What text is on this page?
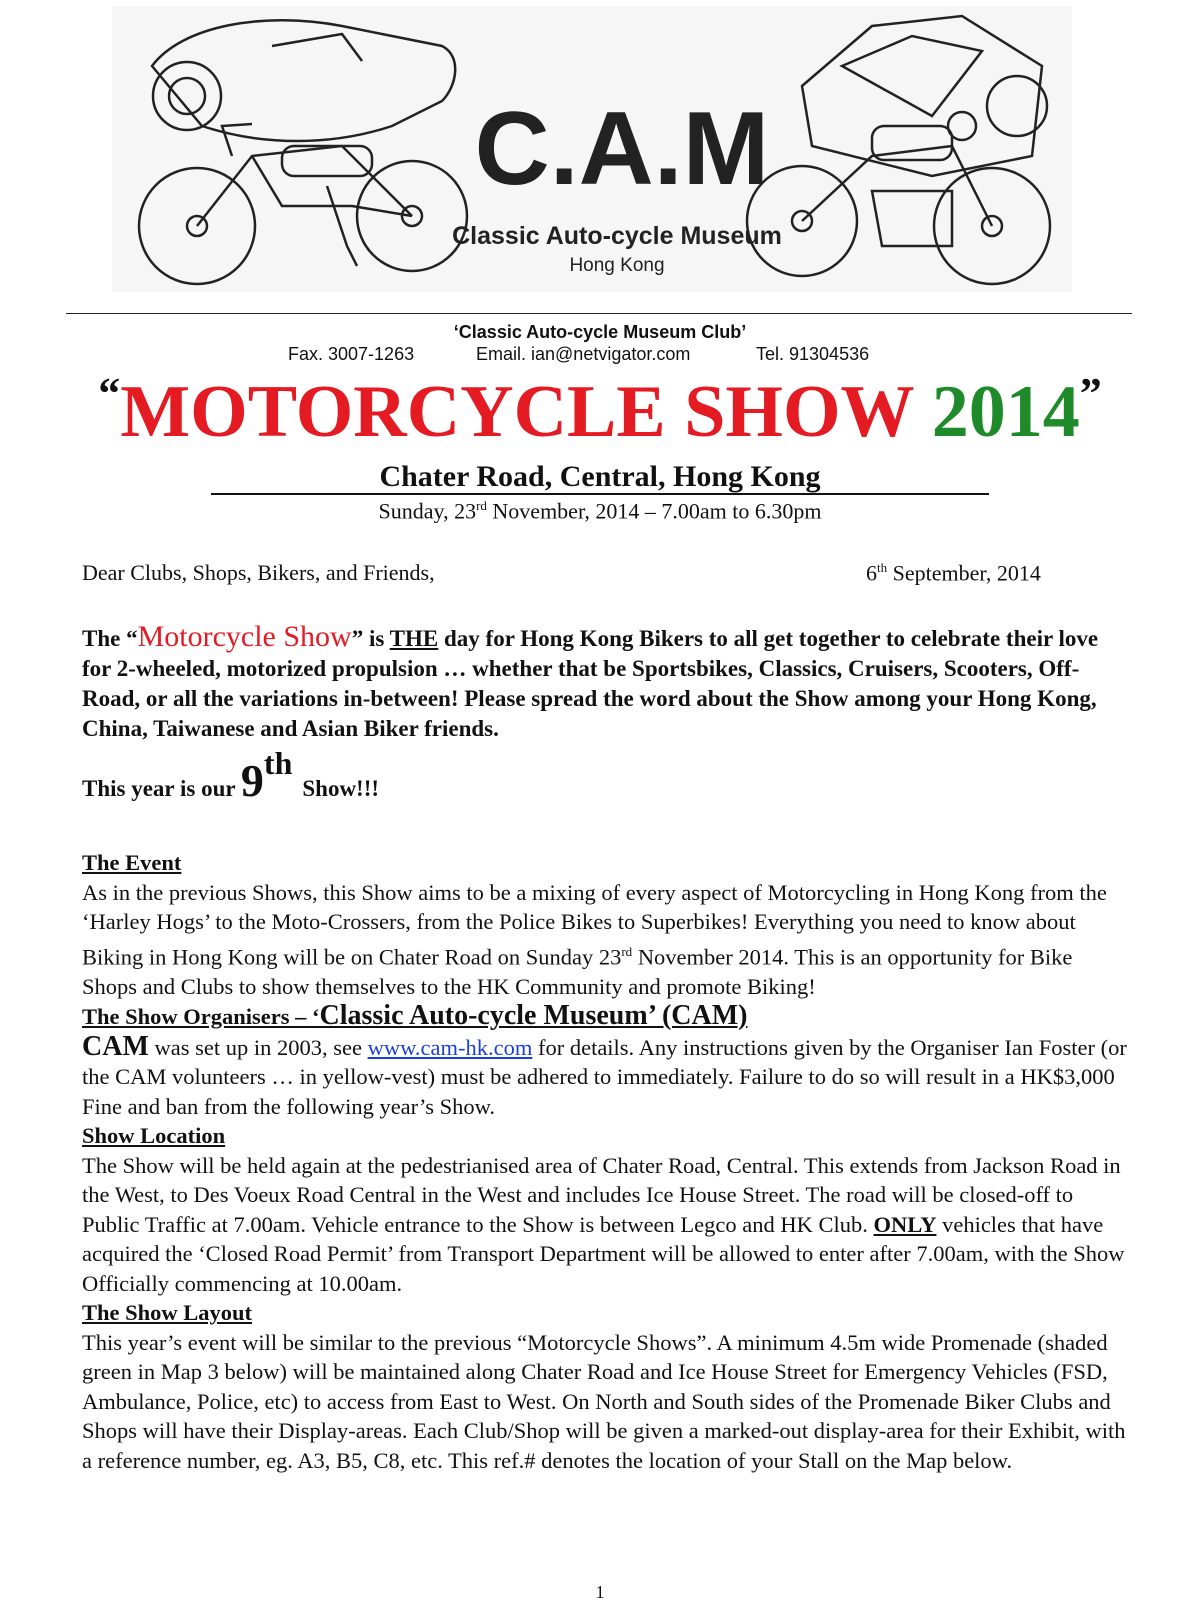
C.A.M
Classic Auto-cycle Museum
Hong Kong
‘Classic Auto-cycle Museum Club’
Fax. 3007-1263	Email. ian@netvigator.com	Tel. 91304536
“MOTORCYCLE SHOW 2014”
Chater Road, Central, Hong Kong
Sunday, 23rd November, 2014 – 7.00am to 6.30pm
Dear Clubs, Shops, Bikers, and Friends,	6th September, 2014
The “Motorcycle Show” is THE day for Hong Kong Bikers to all get together to celebrate their love for 2-wheeled, motorized propulsion … whether that be Sportsbikes, Classics, Cruisers, Scooters, Off-Road, or all the variations in-between! Please spread the word about the Show among your Hong Kong, China, Taiwanese and Asian Biker friends.
This year is our 9thShow!!!

The Event

As in the previous Shows, this Show aims to be a mixing of every aspect of Motorcycling in Hong Kong from the ‘Harley Hogs’ to the Moto-Crossers, from the Police Bikes to Superbikes! Everything you need to know about Biking in Hong Kong will be on Chater Road on Sunday 23rd November 2014. This is an opportunity for Bike Shops and Clubs to show themselves to the HK Community and promote Biking!

The Show Organisers – ‘Classic Auto-cycle Museum’ (CAM)

CAM was set up in 2003, see www.cam-hk.com for details. Any instructions given by the Organiser Ian Foster (or the CAM volunteers … in yellow-vest) must be adhered to immediately. Failure to do so will result in a HK$3,000 Fine and ban from the following year’s Show.

Show Location

The Show will be held again at the pedestrianised area of Chater Road, Central. This extends from Jackson Road in the West, to Des Voeux Road Central in the West and includes Ice House Street. The road will be closed-off to Public Traffic at 7.00am. Vehicle entrance to the Show is between Legco and HK Club. ONLY vehicles that have acquired the ‘Closed Road Permit’ from Transport Department will be allowed to enter after 7.00am, with the Show Officially commencing at 10.00am.

The Show Layout

This year’s event will be similar to the previous “Motorcycle Shows”. A minimum 4.5m wide Promenade (shaded green in Map 3 below) will be maintained along Chater Road and Ice House Street for Emergency Vehicles (FSD, Ambulance, Police, etc) to access from East to West. On North and South sides of the Promenade Biker Clubs and Shops will have their Display-areas. Each Club/Shop will be given a marked-out display-area for their Exhibit, with a reference number, eg. A3, B5, C8, etc. This ref.# denotes the location of your Stall on the Map below.

1
